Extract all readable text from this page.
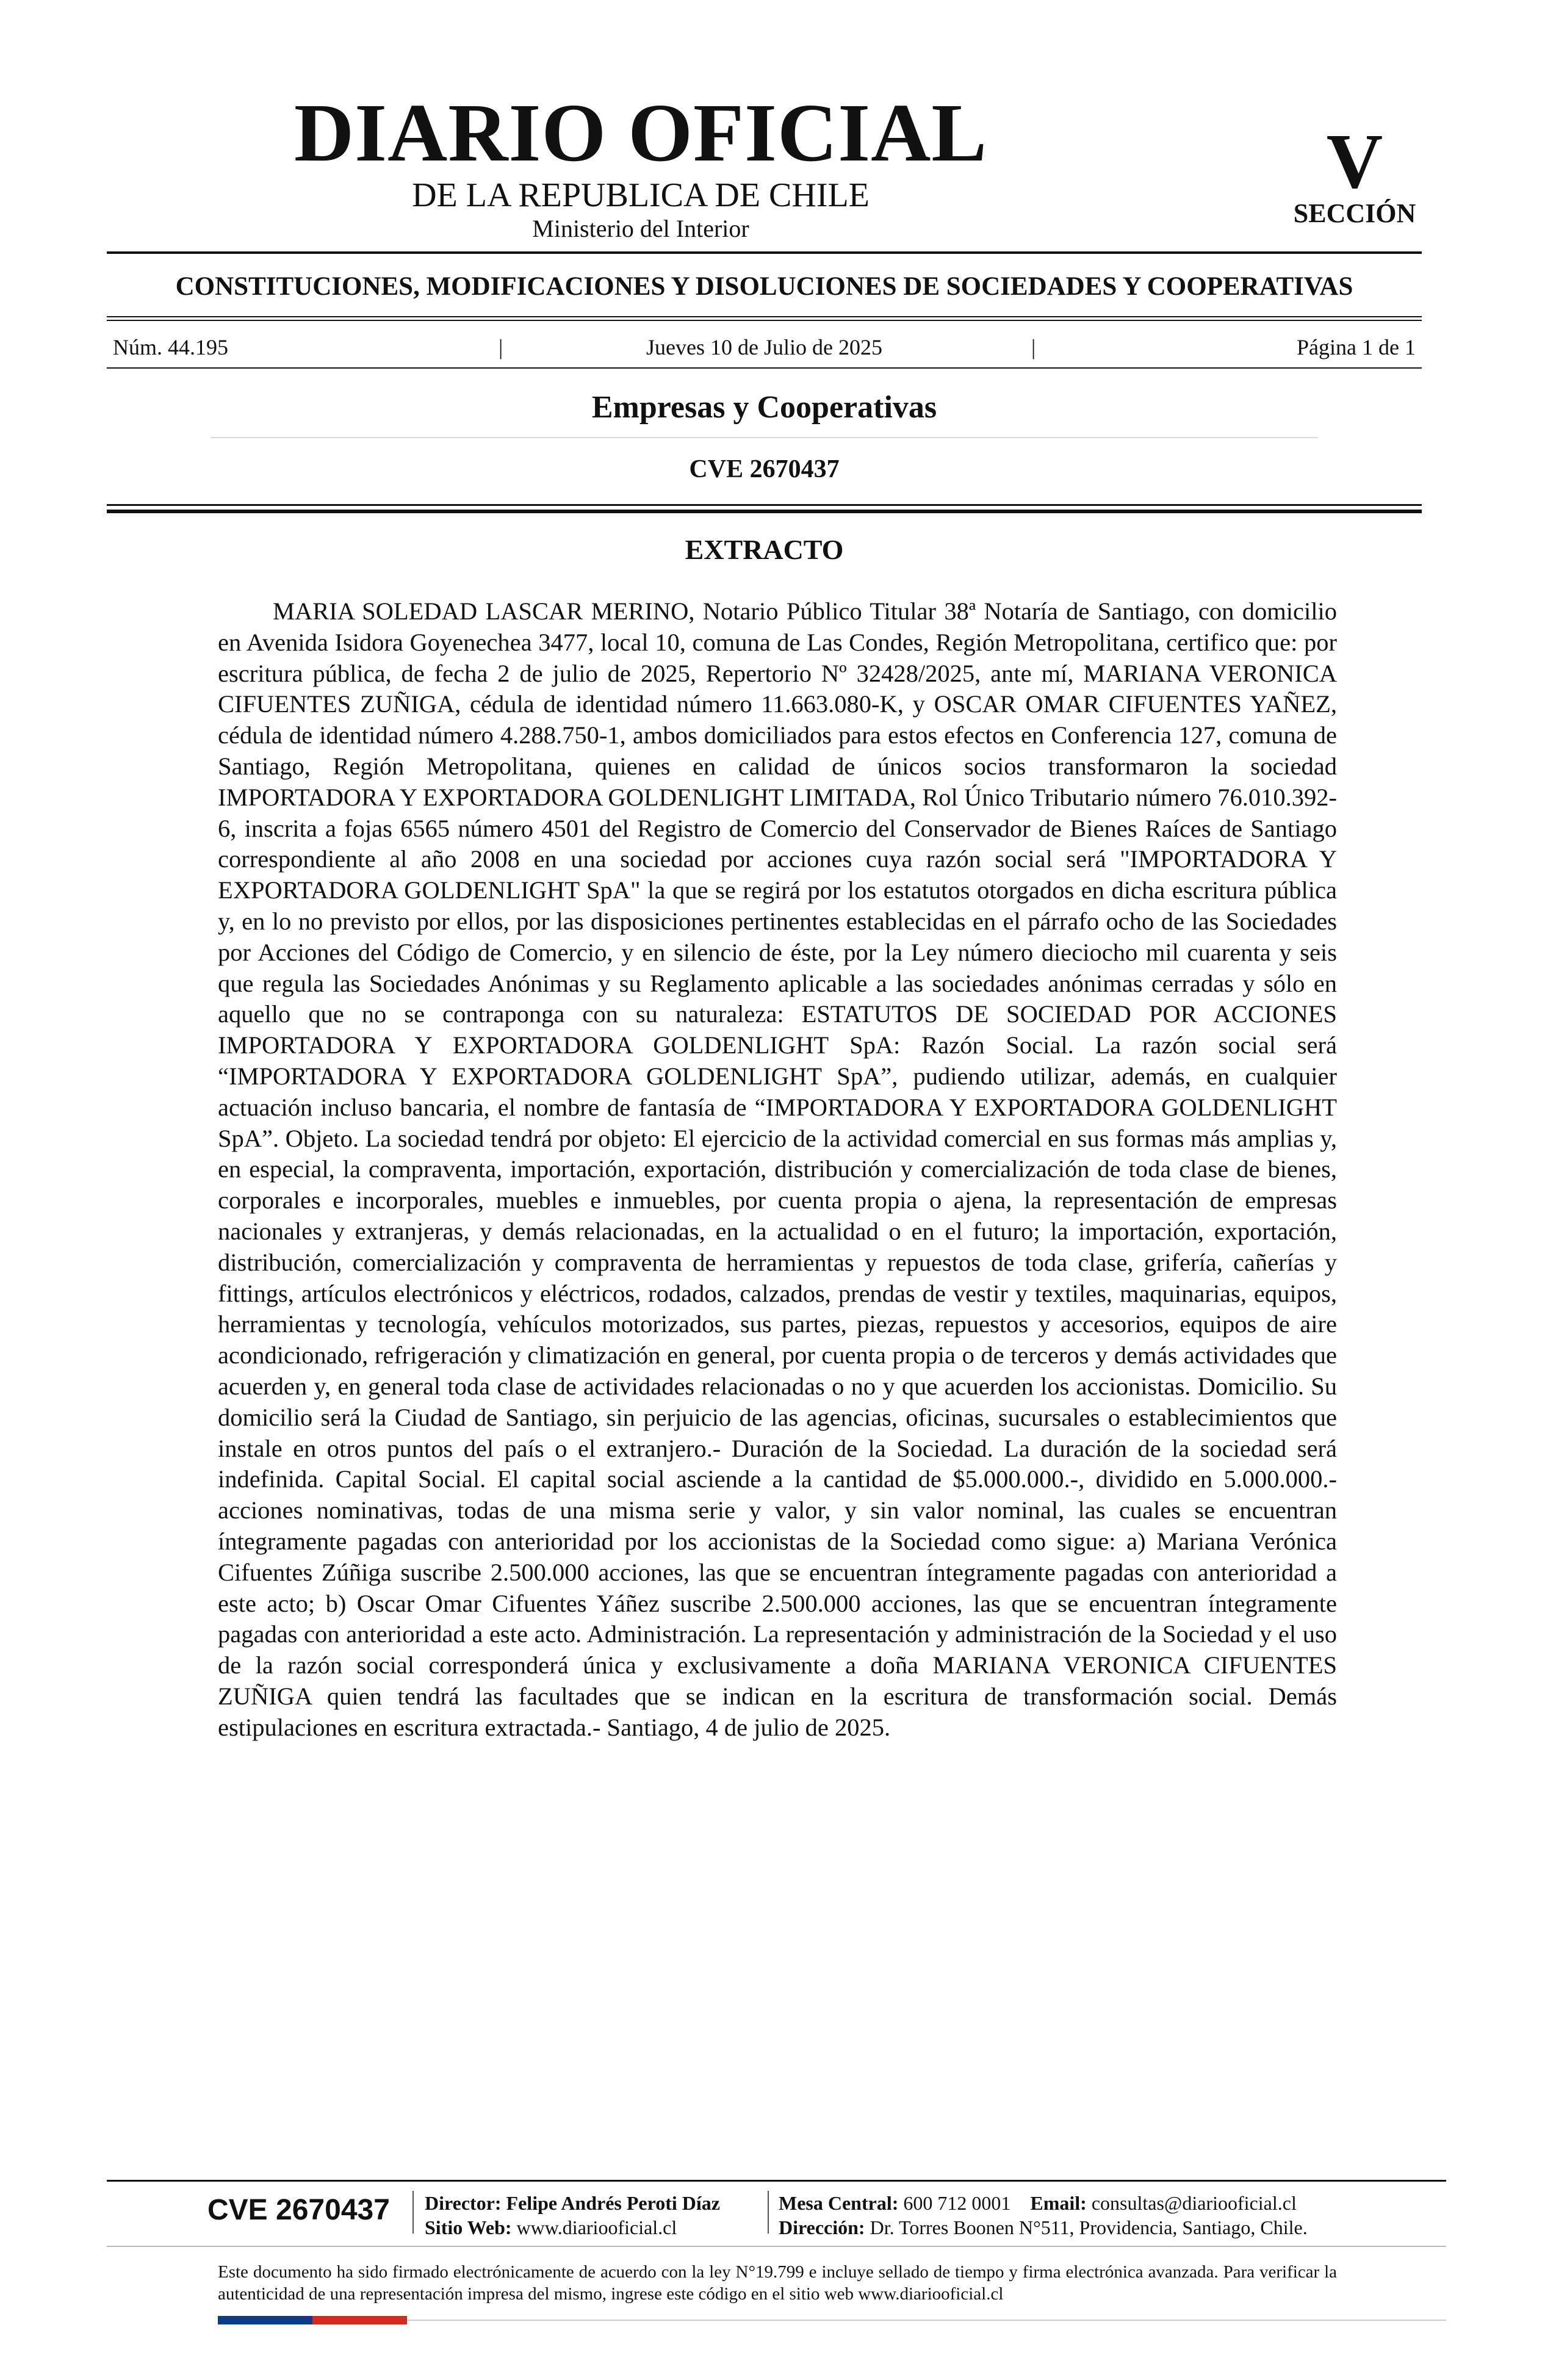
DIARIO OFICIAL
DE LA REPUBLICA DE CHILE
Ministerio del Interior
V
SECCIÓN
CONSTITUCIONES, MODIFICACIONES Y DISOLUCIONES DE SOCIEDADES Y COOPERATIVAS
Núm. 44.195	|	Jueves 10 de Julio de 2025	|	Página 1 de 1
Empresas y Cooperativas
CVE 2670437
EXTRACTO
MARIA SOLEDAD LASCAR MERINO, Notario Público Titular 38ª Notaría de Santiago, con domicilio en Avenida Isidora Goyenechea 3477, local 10, comuna de Las Condes, Región Metropolitana, certifico que: por escritura pública, de fecha 2 de julio de 2025, Repertorio Nº 32428/2025, ante mí, MARIANA VERONICA CIFUENTES ZUÑIGA, cédula de identidad número 11.663.080-K, y OSCAR OMAR CIFUENTES YAÑEZ, cédula de identidad número 4.288.750-1, ambos domiciliados para estos efectos en Conferencia 127, comuna de Santiago, Región Metropolitana, quienes en calidad de únicos socios transformaron la sociedad IMPORTADORA Y EXPORTADORA GOLDENLIGHT LIMITADA, Rol Único Tributario número 76.010.392-6, inscrita a fojas 6565 número 4501 del Registro de Comercio del Conservador de Bienes Raíces de Santiago correspondiente al año 2008 en una sociedad por acciones cuya razón social será "IMPORTADORA Y EXPORTADORA GOLDENLIGHT SpA" la que se regirá por los estatutos otorgados en dicha escritura pública y, en lo no previsto por ellos, por las disposiciones pertinentes establecidas en el párrafo ocho de las Sociedades por Acciones del Código de Comercio, y en silencio de éste, por la Ley número dieciocho mil cuarenta y seis que regula las Sociedades Anónimas y su Reglamento aplicable a las sociedades anónimas cerradas y sólo en aquello que no se contraponga con su naturaleza: ESTATUTOS DE SOCIEDAD POR ACCIONES IMPORTADORA Y EXPORTADORA GOLDENLIGHT SpA: Razón Social. La razón social será “IMPORTADORA Y EXPORTADORA GOLDENLIGHT SpA”, pudiendo utilizar, además, en cualquier actuación incluso bancaria, el nombre de fantasía de “IMPORTADORA Y EXPORTADORA GOLDENLIGHT SpA”. Objeto. La sociedad tendrá por objeto: El ejercicio de la actividad comercial en sus formas más amplias y, en especial, la compraventa, importación, exportación, distribución y comercialización de toda clase de bienes, corporales e incorporales, muebles e inmuebles, por cuenta propia o ajena, la representación de empresas nacionales y extranjeras, y demás relacionadas, en la actualidad o en el futuro; la importación, exportación, distribución, comercialización y compraventa de herramientas y repuestos de toda clase, grifería, cañerías y fittings, artículos electrónicos y eléctricos, rodados, calzados, prendas de vestir y textiles, maquinarias, equipos, herramientas y tecnología, vehículos motorizados, sus partes, piezas, repuestos y accesorios, equipos de aire acondicionado, refrigeración y climatización en general, por cuenta propia o de terceros y demás actividades que acuerden y, en general toda clase de actividades relacionadas o no y que acuerden los accionistas. Domicilio. Su domicilio será la Ciudad de Santiago, sin perjuicio de las agencias, oficinas, sucursales o establecimientos que instale en otros puntos del país o el extranjero.- Duración de la Sociedad. La duración de la sociedad será indefinida. Capital Social. El capital social asciende a la cantidad de $5.000.000.-, dividido en 5.000.000.- acciones nominativas, todas de una misma serie y valor, y sin valor nominal, las cuales se encuentran íntegramente pagadas con anterioridad por los accionistas de la Sociedad como sigue: a) Mariana Verónica Cifuentes Zúñiga suscribe 2.500.000 acciones, las que se encuentran íntegramente pagadas con anterioridad a este acto; b) Oscar Omar Cifuentes Yáñez suscribe 2.500.000 acciones, las que se encuentran íntegramente pagadas con anterioridad a este acto. Administración. La representación y administración de la Sociedad y el uso de la razón social corresponderá única y exclusivamente a doña MARIANA VERONICA CIFUENTES ZUÑIGA quien tendrá las facultades que se indican en la escritura de transformación social. Demás estipulaciones en escritura extractada.- Santiago, 4 de julio de 2025.
CVE 2670437 Director: Felipe Andrés Peroti Díaz
Sitio Web: www.diariooficial.cl
Mesa Central: 600 712 0001 Email: consultas@diariooficial.cl
Dirección: Dr. Torres Boonen N°511, Providencia, Santiago, Chile.
Este documento ha sido firmado electrónicamente de acuerdo con la ley N°19.799 e incluye sellado de tiempo y firma electrónica avanzada. Para verificar la autenticidad de una representación impresa del mismo, ingrese este código en el sitio web www.diariooficial.cl
